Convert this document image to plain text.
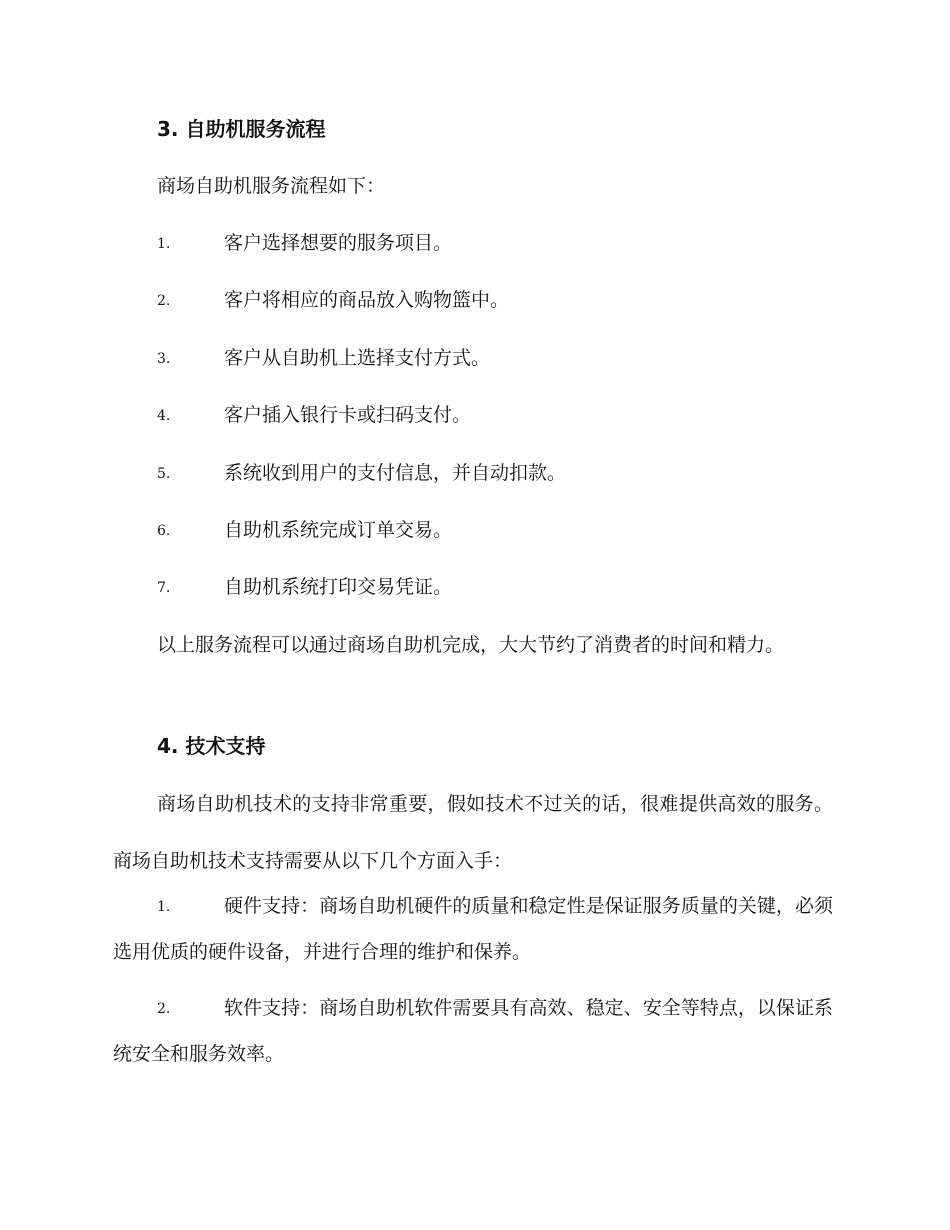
3. 自助机服务流程
商场自助机服务流程如下：
1.	客户选择想要的服务项目。
2.	客户将相应的商品放入购物篮中。
3.	客户从自助机上选择支付方式。
4.	客户插入银行卡或扫码支付。
5.	系统收到用户的支付信息，并自动扣款。
6.	自助机系统完成订单交易。
7.	自助机系统打印交易凭证。
以上服务流程可以通过商场自助机完成，大大节约了消费者的时间和精力。
4. 技术支持
商场自助机技术的支持非常重要，假如技术不过关的话，很难提供高效的服务。商场自助机技术支持需要从以下几个方面入手：
1.	硬件支持：商场自助机硬件的质量和稳定性是保证服务质量的关键，必须选用优质的硬件设备，并进行合理的维护和保养。
2.	软件支持：商场自助机软件需要具有高效、稳定、安全等特点，以保证系统安全和服务效率。
